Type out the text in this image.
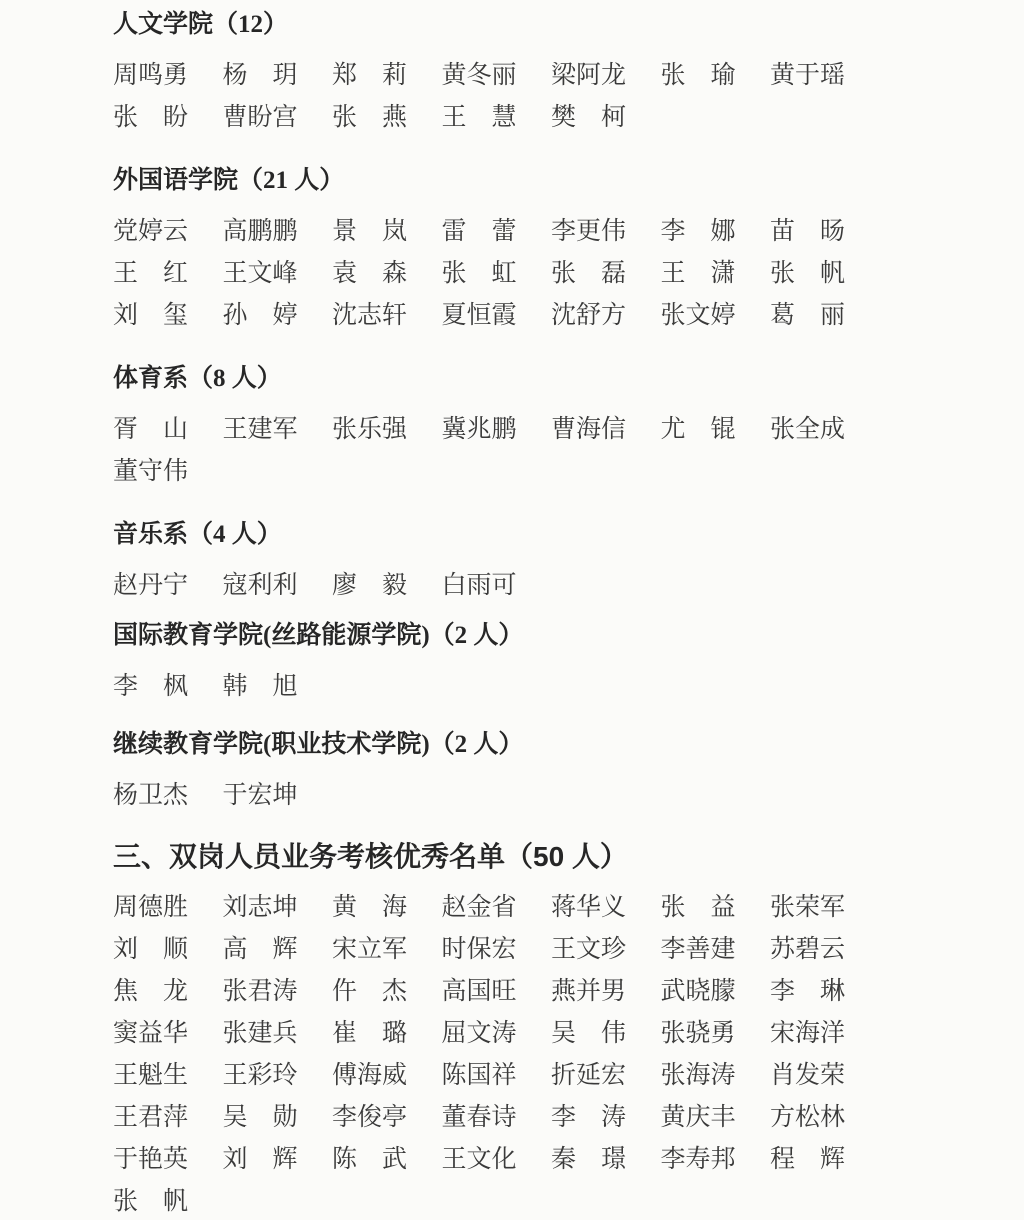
人文学院（12）
周鸣勇 杨　玥 郑　莉 黄冬丽 梁阿龙 张　瑜 黄于瑶
张　盼 曹盼宫 张　燕 王　慧 樊　柯
外国语学院（21 人）
党婷云 高鹏鹏 景　岚 雷　蕾 李更伟 李　娜 苗　旸
王　红 王文峰 袁　森 张　虹 张　磊 王　潇 张　帆
刘　玺 孙　婷 沈志轩 夏恒霞 沈舒方 张文婷 葛　丽
体育系（8 人）
胥　山 王建军 张乐强 冀兆鹏 曹海信 尤　锟 张全成
董守伟
音乐系（4 人）
赵丹宁 寇利利 廖　毅 白雨可
国际教育学院(丝路能源学院)（2 人）
李　枫 韩　旭
继续教育学院(职业技术学院)（2 人）
杨卫杰 于宏坤
三、双岗人员业务考核优秀名单（50 人）
周德胜 刘志坤 黄　海 赵金省 蒋华义 张　益 张荣军
刘　顺 高　辉 宋立军 时保宏 王文珍 李善建 苏碧云
焦　龙 张君涛 仵　杰 高国旺 燕并男 武晓朦 李　琳
窦益华 张建兵 崔　璐 屈文涛 吴　伟 张骁勇 宋海洋
王魁生 王彩玲 傅海威 陈国祥 折延宏 张海涛 肖发荣
王君萍 吴　勋 李俊亭 董春诗 李　涛 黄庆丰 方松林
于艳英 刘　辉 陈　武 王文化 秦　璟 李寿邦 程　辉
张　帆
